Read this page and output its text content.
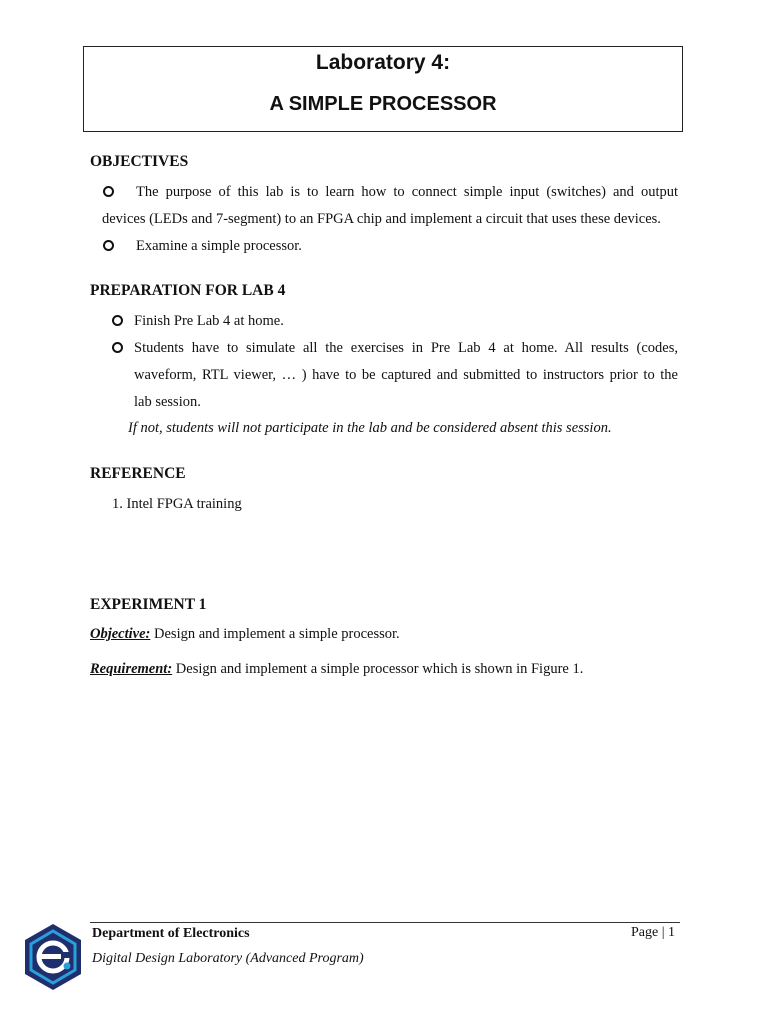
Laboratory 4:
A SIMPLE PROCESSOR
OBJECTIVES
The purpose of this lab is to learn how to connect simple input (switches) and output
devices (LEDs and 7-segment) to an FPGA chip and implement a circuit that uses these devices.
Examine a simple processor.
PREPARATION FOR LAB 4
Finish Pre Lab 4 at home.
Students have to simulate all the exercises in Pre Lab 4 at home. All results (codes,
waveform, RTL viewer, … ) have to be captured and submitted to instructors prior to the
lab session.
If not, students will not participate in the lab and be considered absent this session.
REFERENCE
1. Intel FPGA training
EXPERIMENT 1
Objective: Design and implement a simple processor.
Requirement: Design and implement a simple processor which is shown in Figure 1.
Department of Electronics
Digital Design Laboratory (Advanced Program)
Page | 1
